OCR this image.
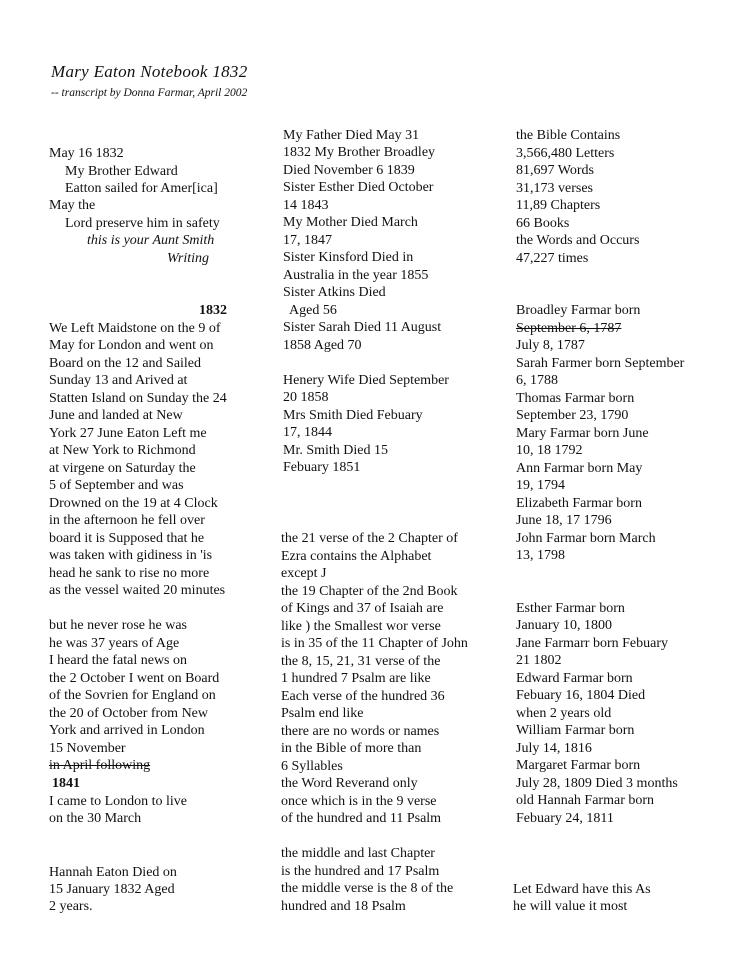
Mary Eaton Notebook 1832
-- transcript by Donna Farmar, April 2002
May 16 1832
My Brother Edward
Eatton sailed for Amer[ica]
May the
Lord preserve him in safety
this is your Aunt Smith
Writing
1832
We Left Maidstone on the 9 of
May for London and went on
Board on the 12 and Sailed
Sunday 13 and Arived at
Statten Island on Sunday the 24
June and landed at New
York 27 June Eaton Left me
at New York to Richmond
at virgene on Saturday the
5 of September and was
Drowned on the 19 at 4 Clock
in the afternoon he fell over
board it is Supposed that he
was taken with gidiness in 'is
head he sank to rise no more
as the vessel waited 20 minutes
but he never rose he was
he was 37 years of Age
I heard the fatal news on
the 2 October I went on Board
of the Sovrien for England on
the 20 of October from New
York and arrived in London
15 November
in April following
1841
I came to London to live
on the 30 March
Hannah Eaton Died on
15 January 1832 Aged
2 years.
My Father Died May 31
1832 My Brother Broadley
Died November 6 1839
Sister Esther Died October
14 1843
My Mother Died March
17, 1847
Sister Kinsford Died in
Australia in the year 1855
Sister Atkins Died
Aged 56
Sister Sarah Died 11 August
1858 Aged 70
Henery Wife Died September
20 1858
Mrs Smith Died Febuary
17, 1844
Mr. Smith Died 15
Febuary 1851
the 21 verse of the 2 Chapter of
Ezra contains the Alphabet
except J
the 19 Chapter of the 2nd Book
of Kings and 37 of Isaiah are
like ) the Smallest wor verse
is in 35 of the 11 Chapter of John
the 8, 15, 21, 31 verse of the
1 hundred 7 Psalm are like
Each verse of the hundred 36
Psalm end like
there are no words or names
in the Bible of more than
6 Syllables
the Word Reverand only
once which is in the 9 verse
of the hundred and 11 Psalm
the middle and last Chapter
is the hundred and 17 Psalm
the middle verse is the 8 of the
hundred and 18 Psalm
the Bible Contains
3,566,480 Letters
81,697 Words
31,173 verses
11,89 Chapters
66 Books
the Words and Occurs
47,227 times
Broadley Farmar born
September 6, 1787
July 8, 1787
Sarah Farmer born September
6, 1788
Thomas Farmar born
September 23, 1790
Mary Farmar born June
10, 18 1792
Ann Farmar born May
19, 1794
Elizabeth Farmar born
June 18, 17 1796
John Farmar born March
13, 1798
Esther Farmar born
January 10, 1800
Jane Farmarr born Febuary
21 1802
Edward Farmar born
Febuary 16, 1804 Died
when 2 years old
William Farmar born
July 14, 1816
Margaret Farmar born
July 28, 1809 Died 3 months
old Hannah Farmar born
Febuary 24, 1811
Let Edward have this As
he will value it most
